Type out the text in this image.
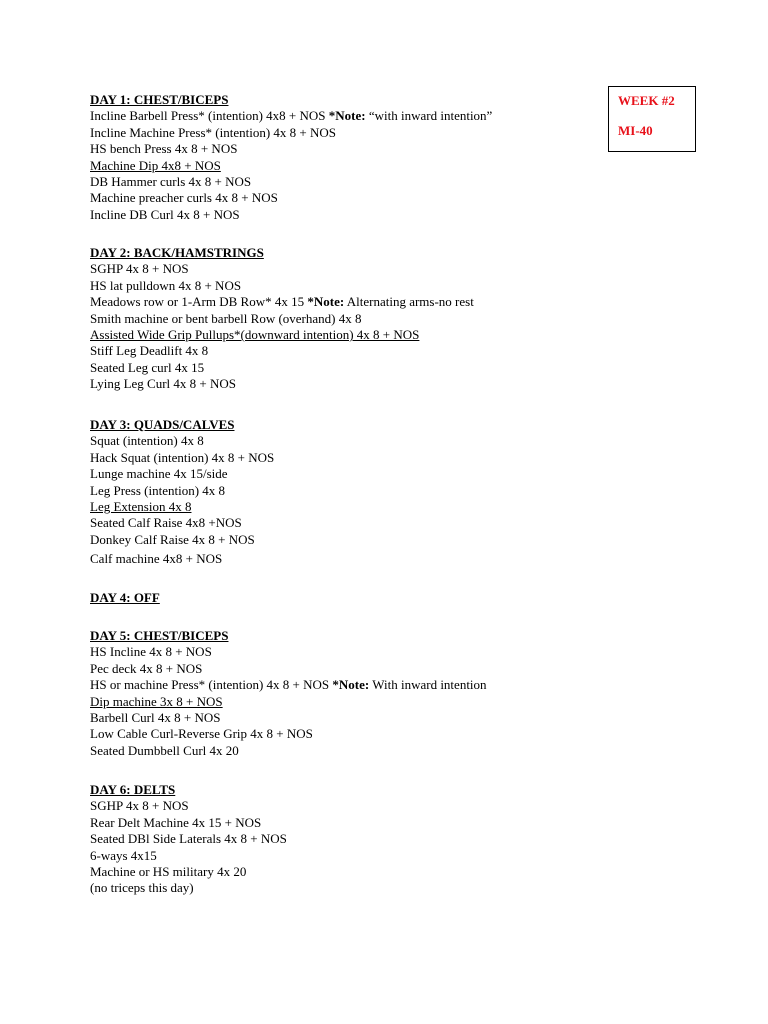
WEEK #2
MI-40
DAY 1: CHEST/BICEPS
Incline Barbell Press* (intention) 4x8 + NOS *Note: “with inward intention”
Incline Machine Press* (intention) 4x 8 + NOS
HS bench Press 4x 8 + NOS
Machine Dip 4x8 + NOS
DB Hammer curls 4x 8 + NOS
Machine preacher curls 4x 8 + NOS
Incline DB Curl 4x 8 + NOS
DAY 2: BACK/HAMSTRINGS
SGHP 4x 8 + NOS
HS lat pulldown 4x 8 + NOS
Meadows row or 1-Arm DB Row* 4x 15 *Note: Alternating arms-no rest
Smith machine or bent barbell Row (overhand) 4x 8
Assisted Wide Grip Pullups*(downward intention) 4x 8 + NOS
Stiff Leg Deadlift 4x 8
Seated Leg curl 4x 15
Lying Leg Curl 4x 8 + NOS
DAY 3: QUADS/CALVES
Squat (intention) 4x 8
Hack Squat (intention) 4x 8 + NOS
Lunge machine 4x 15/side
Leg Press (intention) 4x 8
Leg Extension 4x 8
Seated Calf Raise 4x8 +NOS
Donkey Calf Raise 4x 8 + NOS
Calf machine 4x8 + NOS
DAY 4: OFF
DAY 5: CHEST/BICEPS
HS Incline 4x 8 + NOS
Pec deck 4x 8 + NOS
HS or machine Press* (intention) 4x 8 + NOS *Note: With inward intention
Dip machine 3x 8 + NOS
Barbell Curl 4x 8 + NOS
Low Cable Curl-Reverse Grip 4x 8 + NOS
Seated Dumbbell Curl 4x 20
DAY 6: DELTS
SGHP 4x 8 + NOS
Rear Delt Machine 4x 15 + NOS
Seated DBl Side Laterals 4x 8 + NOS
6-ways 4x15
Machine or HS military 4x 20
(no triceps this day)
